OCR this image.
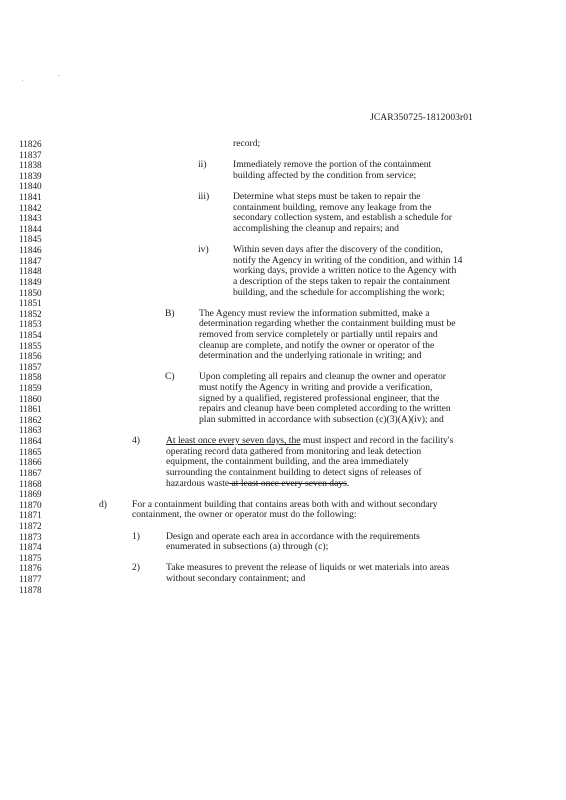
'
-
JCAR350725-1812003r01
11826	record;
11837
11838	ii)	Immediately remove the portion of the containment
11839	building affected by the condition from service;
11840
11841	iii) Determine what steps must be taken to repair the
11842	containment building, remove any leakage from the
11843	secondary collection system, and establish a schedule for
11844	accomplishing the cleanup and repairs; and
11845
11846	iv)	Within seven days after the discovery of the condition,
11847	notify the Agency in writing of the condition, and within 14
11848	working days, provide a written notice to the Agency with
11849	a description of the steps taken to repair the containment
11850	building, and the schedule for accomplishing the work;
11851
11852	B)	The Agency must review the information submitted, make a
11853	determination regarding whether the containment building must be
11854	removed from service completely or partially until repairs and
11855	cleanup are complete, and notify the owner or operator of the
11856	determination and the underlying rationale in writing; and
11857
11858	C)	Upon completing all repairs and cleanup the owner and operator
11859	must notify the Agency in writing and provide a verification,
11860	signed by a qualified, registered professional engineer, that the
11861	repairs and cleanup have been completed according to the written
11862	plan submitted in accordance with subsection (c)(3)(A)(iv); and
11863
11864	4)	At least once every seven days, the must inspect and record in the facility's
11865	operating record data gathered from monitoring and leak detection
11866	equipment, the containment building, and the area immediately
11867	surrounding the containment building to detect signs of releases of
11868	hazardous waste at least once every seven days.
11869
11870	d)	For a containment building that contains areas both with and without secondary
11871	containment, the owner or operator must do the following:
11872
11873	1)	Design and operate each area in accordance with the requirements
11874	enumerated in subsections (a) through (c);
11875
11876	2)	Take measures to prevent the release of liquids or wet materials into areas
11877	without secondary containment; and
11878
